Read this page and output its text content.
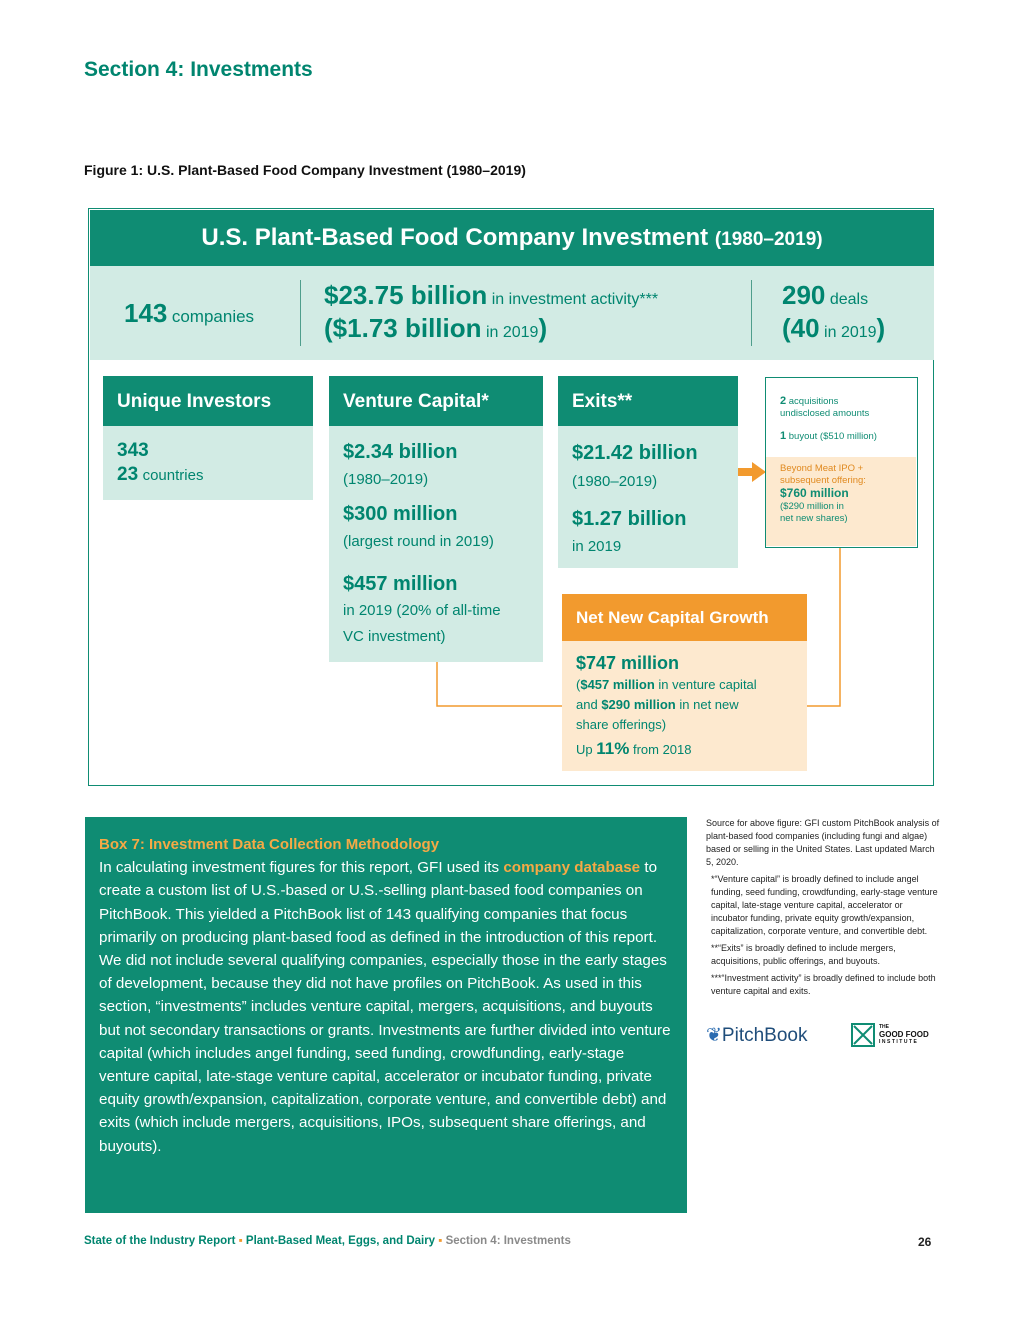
Section 4: Investments
Figure 1: U.S. Plant-Based Food Company Investment (1980–2019)
U.S. Plant-Based Food Company Investment (1980–2019)
143 companies
$23.75 billion in investment activity***
($1.73 billion in 2019)
290 deals
(40 in 2019)
Unique Investors
343
23 countries
Venture Capital*
$2.34 billion
(1980–2019)
$300 million
(largest round in 2019)
$457 million
in 2019 (20% of all-time
VC investment)
Exits**
$21.42 billion
(1980–2019)
$1.27 billion
in 2019
2 acquisitions
undisclosed amounts
1 buyout ($510 million)
Beyond Meat IPO +
subsequent offering:
$760 million
($290 million in
net new shares)
Net New Capital Growth
$747 million
($457 million in venture capital
and $290 million in net new
share offerings)
Up 11% from 2018
Box 7: Investment Data Collection Methodology
In calculating investment figures for this report, GFI used its company database to create a custom list of U.S.-based or U.S.-selling plant-based food companies on PitchBook. This yielded a PitchBook list of 143 qualifying companies that focus primarily on producing plant-based food as defined in the introduction of this report. We did not include several qualifying companies, especially those in the early stages of development, because they did not have profiles on PitchBook. As used in this section, “investments” includes venture capital, mergers, acquisitions, and buyouts but not secondary transactions or grants. Investments are further divided into venture capital (which includes angel funding, seed funding, crowdfunding, early-stage venture capital, late-stage venture capital, accelerator or incubator funding, private equity growth/expansion, capitalization, corporate venture, and convertible debt) and exits (which include mergers, acquisitions, IPOs, subsequent share offerings, and buyouts).

Source for above figure: GFI custom PitchBook analysis of plant-based food companies (including fungi and algae) based or selling in the United States. Last updated March 5, 2020.

*“Venture capital” is broadly defined to include angel funding, seed funding, crowdfunding, early-stage venture capital, late-stage venture capital, accelerator or incubator funding, private equity growth/expansion, capitalization, corporate venture, and convertible debt.

**“Exits” is broadly defined to include mergers, acquisitions, public offerings, and buyouts.

***“Investment activity” is broadly defined to include both venture capital and exits.

❦PitchBook	THE
GOOD FOOD
INSTITUTE
State of the Industry Report ▪ Plant-Based Meat, Eggs, and Dairy ▪ Section 4: Investments	26
